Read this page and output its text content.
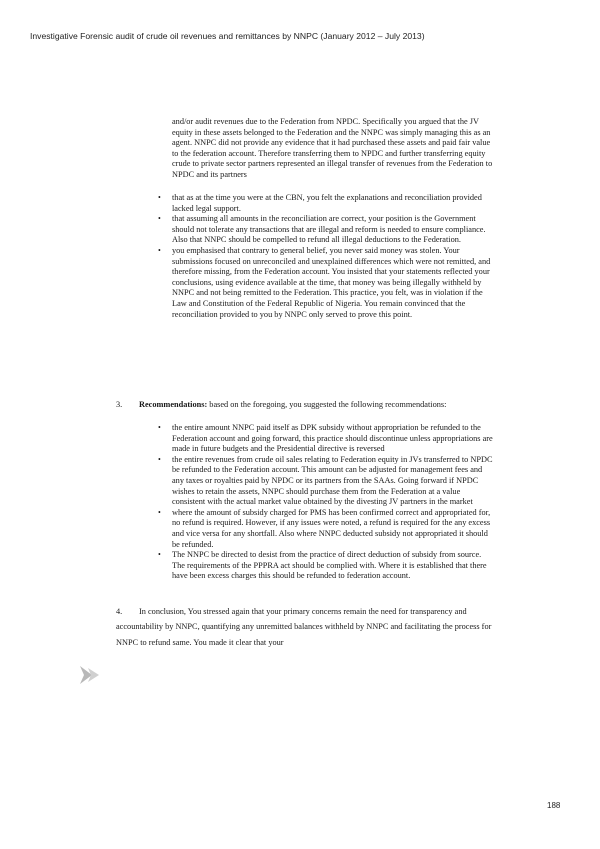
Investigative Forensic audit of crude oil revenues and remittances by NNPC (January 2012 – July 2013)
and/or audit revenues due to the Federation from NPDC. Specifically you argued that the JV equity in these assets belonged to the Federation and the NNPC was simply managing this as an agent. NNPC did not provide any evidence that it had purchased these assets and paid fair value to the federation account. Therefore transferring them to NPDC and further transferring equity crude to private sector partners represented an illegal transfer of revenues from the Federation to NPDC and its partners
• that as at the time you were at the CBN, you felt the explanations and reconciliation provided lacked legal support.
• that assuming all amounts in the reconciliation are correct, your position is the Government should not tolerate any transactions that are illegal and reform is needed to ensure compliance. Also that NNPC should be compelled to refund all illegal deductions to the Federation.
• you emphasised that contrary to general belief, you never said money was stolen. Your submissions focused on unreconciled and unexplained differences which were not remitted, and therefore missing, from the Federation account. You insisted that your statements reflected your conclusions, using evidence available at the time, that money was being illegally withheld by NNPC and not being remitted to the Federation. This practice, you felt, was in violation if the Law and Constitution of the Federal Republic of Nigeria. You remain convinced that the reconciliation provided to you by NNPC only served to prove this point.
3. Recommendations: based on the foregoing, you suggested the following recommendations:
• the entire amount NNPC paid itself as DPK subsidy without appropriation be refunded to the Federation account and going forward, this practice should discontinue unless appropriations are made in future budgets and the Presidential directive is reversed
• the entire revenues from crude oil sales relating to Federation equity in JVs transferred to NPDC be refunded to the Federation account. This amount can be adjusted for management fees and any taxes or royalties paid by NPDC or its partners from the SAAs. Going forward if NPDC wishes to retain the assets, NNPC should purchase them from the Federation at a value consistent with the actual market value obtained by the divesting JV partners in the market
• where the amount of subsidy charged for PMS has been confirmed correct and appropriated for, no refund is required. However, if any issues were noted, a refund is required for the any excess and vice versa for any shortfall. Also where NNPC deducted subsidy not appropriated it should be refunded.
• The NNPC be directed to desist from the practice of direct deduction of subsidy from source. The requirements of the PPPRA act should be complied with. Where it is established that there have been excess charges this should be refunded to federation account.
4. In conclusion, You stressed again that your primary concerns remain the need for transparency and accountability by NNPC, quantifying any unremitted balances withheld by NNPC and facilitating the process for NNPC to refund same. You made it clear that your
188
